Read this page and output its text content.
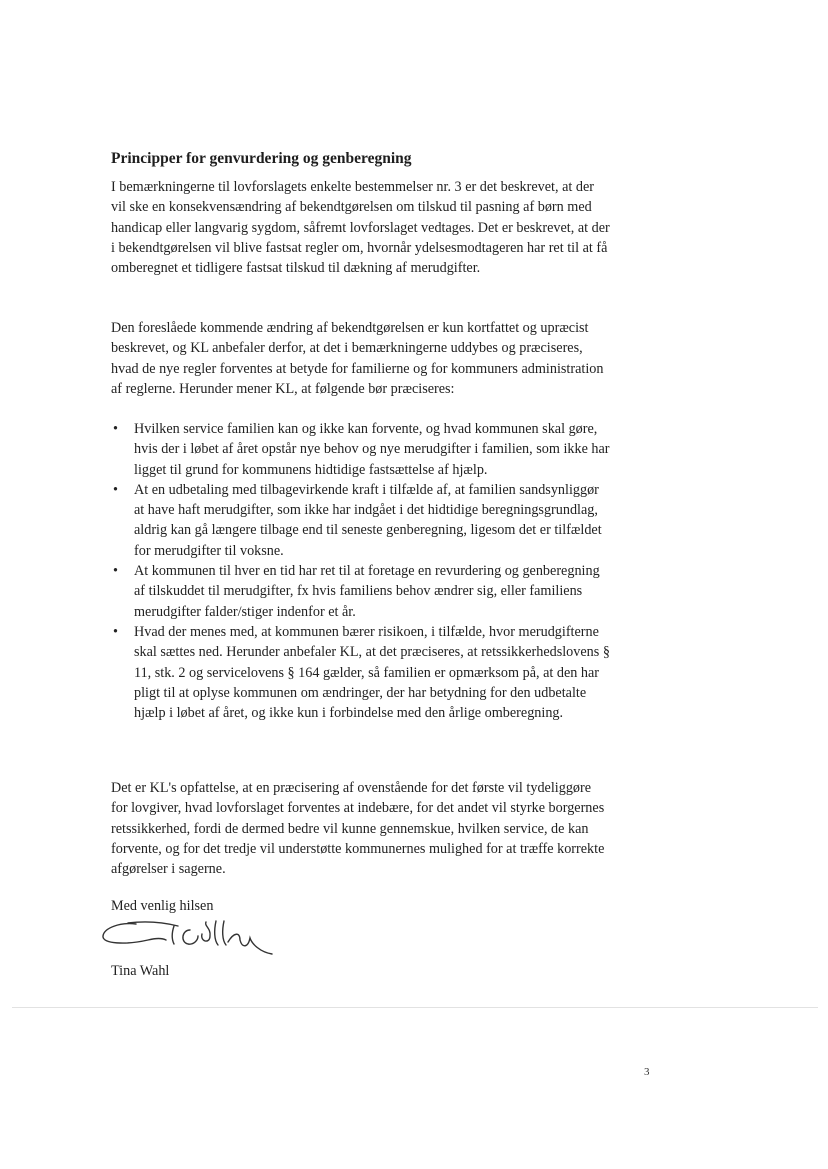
Principper for genvurdering og genberegning

I bemærkningerne til lovforslagets enkelte bestemmelser nr. 3 er det beskrevet, at der vil ske en konsekvensændring af bekendtgørelsen om tilskud til pasning af børn med handicap eller langvarig sygdom, såfremt lovforslaget vedtages. Det er beskrevet, at der i bekendtgørelsen vil blive fastsat regler om, hvornår ydelsesmodtageren har ret til at få omberegnet et tidligere fastsat tilskud til dækning af merudgifter.

Den foreslåede kommende ændring af bekendtgørelsen er kun kortfattet og upræcist beskrevet, og KL anbefaler derfor, at det i bemærkningerne uddybes og præciseres, hvad de nye regler forventes at betyde for familierne og for kommuners administration af reglerne. Herunder mener KL, at følgende bør præciseres:

• Hvilken service familien kan og ikke kan forvente, og hvad kommunen skal gøre, hvis der i løbet af året opstår nye behov og nye merudgifter i familien, som ikke har ligget til grund for kommunens hidtidige fastsættelse af hjælp.
• At en udbetaling med tilbagevirkende kraft i tilfælde af, at familien sandsynliggør at have haft merudgifter, som ikke har indgået i det hidtidige beregningsgrundlag, aldrig kan gå længere tilbage end til seneste genberegning, ligesom det er tilfældet for merudgifter til voksne.
• At kommunen til hver en tid har ret til at foretage en revurdering og genberegning af tilskuddet til merudgifter, fx hvis familiens behov ændrer sig, eller familiens merudgifter falder/stiger indenfor et år.
• Hvad der menes med, at kommunen bærer risikoen, i tilfælde, hvor merudgifterne skal sættes ned. Herunder anbefaler KL, at det præciseres, at retssikkerhedslovens § 11, stk. 2 og servicelovens § 164 gælder, så familien er opmærksom på, at den har pligt til at oplyse kommunen om ændringer, der har betydning for den udbetalte hjælp i løbet af året, og ikke kun i forbindelse med den årlige omberegning.

Det er KL's opfattelse, at en præcisering af ovenstående for det første vil tydeliggøre for lovgiver, hvad lovforslaget forventes at indebære, for det andet vil styrke borgernes retssikkerhed, fordi de dermed bedre vil kunne gennemskue, hvilken service, de kan forvente, og for det tredje vil understøtte kommunernes mulighed for at træffe korrekte afgørelser i sagerne.

Med venlig hilsen

Tina Wahl

3
